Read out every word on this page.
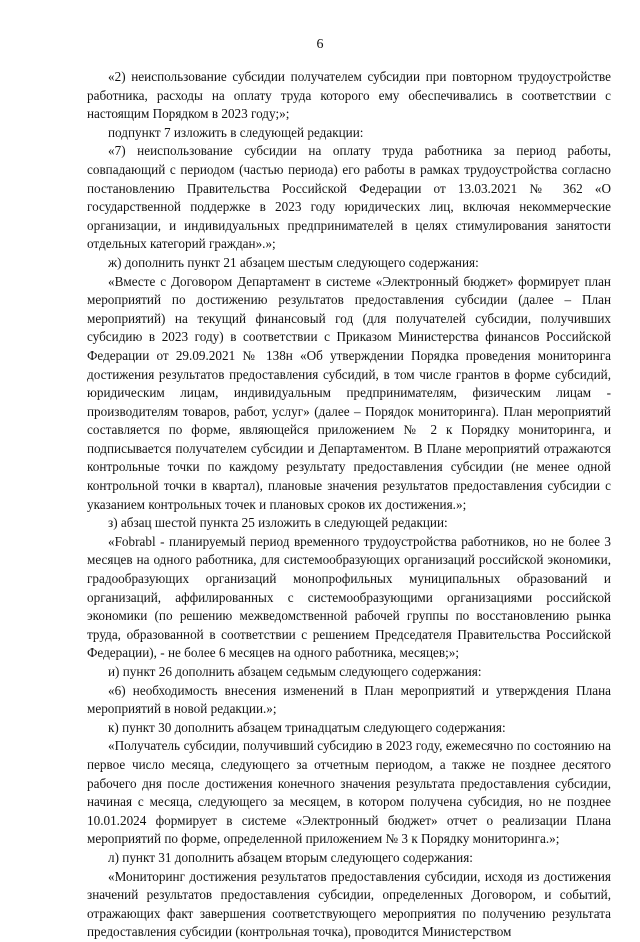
6

«2) неиспользование субсидии получателем субсидии при повторном трудоустройстве работника, расходы на оплату труда которого ему обеспечивались в соответствии с настоящим Порядком в 2023 году;»;

подпункт 7 изложить в следующей редакции:

«7) неиспользование субсидии на оплату труда работника за период работы, совпадающий с периодом (частью периода) его работы в рамках трудоустройства согласно постановлению Правительства Российской Федерации от 13.03.2021 № 362 «О государственной поддержке в 2023 году юридических лиц, включая некоммерческие организации, и индивидуальных предпринимателей в целях стимулирования занятости отдельных категорий граждан».»;

ж) дополнить пункт 21 абзацем шестым следующего содержания:

«Вместе с Договором Департамент в системе «Электронный бюджет» формирует план мероприятий по достижению результатов предоставления субсидии (далее – План мероприятий) на текущий финансовый год (для получателей субсидии, получивших субсидию в 2023 году) в соответствии с Приказом Министерства финансов Российской Федерации от 29.09.2021 № 138н «Об утверждении Порядка проведения мониторинга достижения результатов предоставления субсидий, в том числе грантов в форме субсидий, юридическим лицам, индивидуальным предпринимателям, физическим лицам - производителям товаров, работ, услуг» (далее – Порядок мониторинга). План мероприятий составляется по форме, являющейся приложением № 2 к Порядку мониторинга, и подписывается получателем субсидии и Департаментом. В Плане мероприятий отражаются контрольные точки по каждому результату предоставления субсидии (не менее одной контрольной точки в квартал), плановые значения результатов предоставления субсидии с указанием контрольных точек и плановых сроков их достижения.»;

з) абзац шестой пункта 25 изложить в следующей редакции:

«Fobrabl - планируемый период временного трудоустройства работников, но не более 3 месяцев на одного работника, для системообразующих организаций российской экономики, градообразующих организаций монопрофильных муниципальных образований и организаций, аффилированных с системообразующими организациями российской экономики (по решению межведомственной рабочей группы по восстановлению рынка труда, образованной в соответствии с решением Председателя Правительства Российской Федерации), - не более 6 месяцев на одного работника, месяцев;»;

и) пункт 26 дополнить абзацем седьмым следующего содержания:

«6) необходимость внесения изменений в План мероприятий и утверждения Плана мероприятий в новой редакции.»;

к) пункт 30 дополнить абзацем тринадцатым следующего содержания:

«Получатель субсидии, получивший субсидию в 2023 году, ежемесячно по состоянию на первое число месяца, следующего за отчетным периодом, а также не позднее десятого рабочего дня после достижения конечного значения результата предоставления субсидии, начиная с месяца, следующего за месяцем, в котором получена субсидия, но не позднее 10.01.2024 формирует в системе «Электронный бюджет» отчет о реализации Плана мероприятий по форме, определенной приложением № 3 к Порядку мониторинга.»;

л) пункт 31 дополнить абзацем вторым следующего содержания:

«Мониторинг достижения результатов предоставления субсидии, исходя из достижения значений результатов предоставления субсидии, определенных Договором, и событий, отражающих факт завершения соответствующего мероприятия по получению результата предоставления субсидии (контрольная точка), проводится Министерством
